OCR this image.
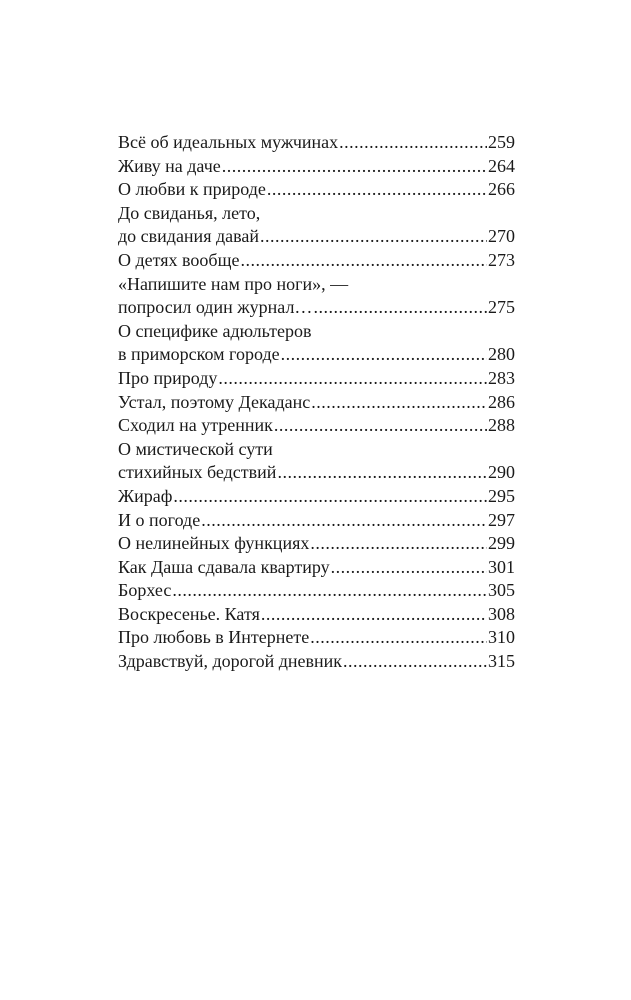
Всё об идеальных мужчинах .....	259
Живу на даче .....	264
О любви к природе .....	266
До свиданья, лето,
до свидания давай .....	270
О детях вообще .....	273
«Напишите нам про ноги», —
попросил один журнал… .....	275
О специфике адюльтеров
в приморском городе .....	280
Про природу .....	283
Устал, поэтому Декаданс .....	286
Сходил на утренник .....	288
О мистической сути
стихийных бедствий .....	290
Жираф .....	295
И о погоде .....	297
О нелинейных функциях .....	299
Как Даша сдавала квартиру .....	301
Борхес .....	305
Воскресенье. Катя .....	308
Про любовь в Интернете .....	310
Здравствуй, дорогой дневник .....	315
